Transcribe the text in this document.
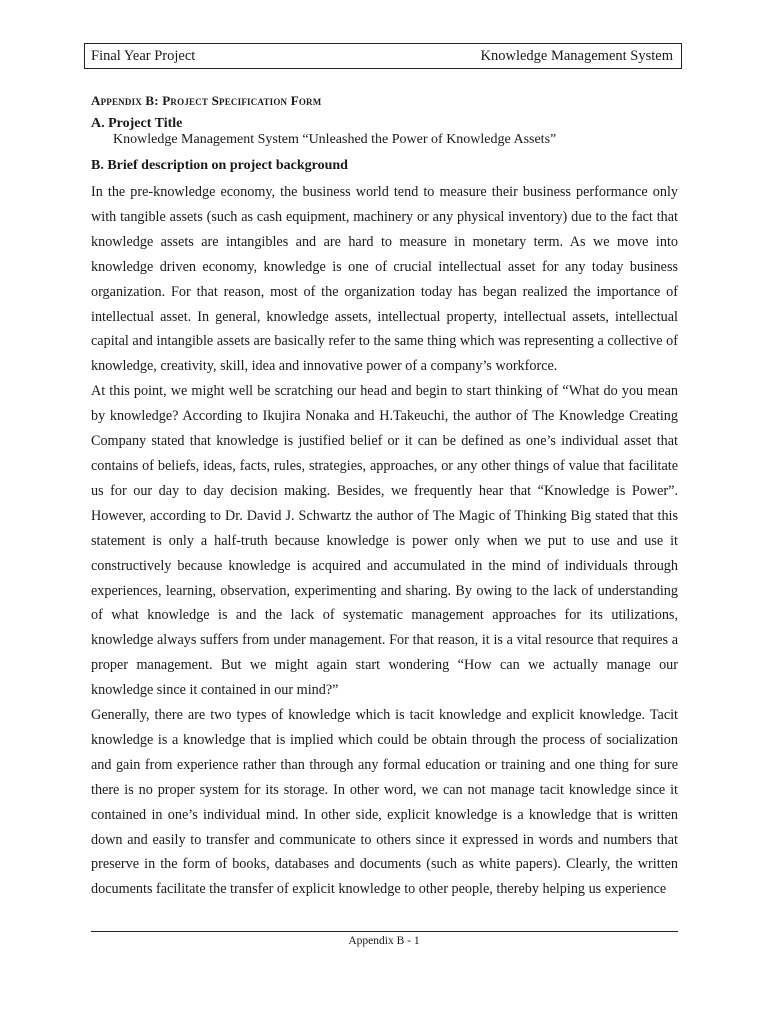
Final Year Project	Knowledge Management System
Appendix B: Project Specification Form
A. Project Title
Knowledge Management System “Unleashed the Power of Knowledge Assets”
B. Brief description on project background

In the pre-knowledge economy, the business world tend to measure their business performance only with tangible assets (such as cash equipment, machinery or any physical inventory) due to the fact that knowledge assets are intangibles and are hard to measure in monetary term. As we move into knowledge driven economy, knowledge is one of crucial intellectual asset for any today business organization. For that reason, most of the organization today has began realized the importance of intellectual asset. In general, knowledge assets, intellectual property, intellectual assets, intellectual capital and intangible assets are basically refer to the same thing which was representing a collective of knowledge, creativity, skill, idea and innovative power of a company’s workforce.

At this point, we might well be scratching our head and begin to start thinking of “What do you mean by knowledge? According to Ikujira Nonaka and H.Takeuchi, the author of The Knowledge Creating Company stated that knowledge is justified belief or it can be defined as one’s individual asset that contains of beliefs, ideas, facts, rules, strategies, approaches, or any other things of value that facilitate us for our day to day decision making. Besides, we frequently hear that “Knowledge is Power”. However, according to Dr. David J. Schwartz the author of The Magic of Thinking Big stated that this statement is only a half-truth because knowledge is power only when we put to use and use it constructively because knowledge is acquired and accumulated in the mind of individuals through experiences, learning, observation, experimenting and sharing. By owing to the lack of understanding of what knowledge is and the lack of systematic management approaches for its utilizations, knowledge always suffers from under management. For that reason, it is a vital resource that requires a proper management. But we might again start wondering “How can we actually manage our knowledge since it contained in our mind?”

Generally, there are two types of knowledge which is tacit knowledge and explicit knowledge. Tacit knowledge is a knowledge that is implied which could be obtain through the process of socialization and gain from experience rather than through any formal education or training and one thing for sure there is no proper system for its storage. In other word, we can not manage tacit knowledge since it contained in one’s individual mind. In other side, explicit knowledge is a knowledge that is written down and easily to transfer and communicate to others since it expressed in words and numbers that preserve in the form of books, databases and documents (such as white papers). Clearly, the written documents facilitate the transfer of explicit knowledge to other people, thereby helping us experience

Appendix B - 1
